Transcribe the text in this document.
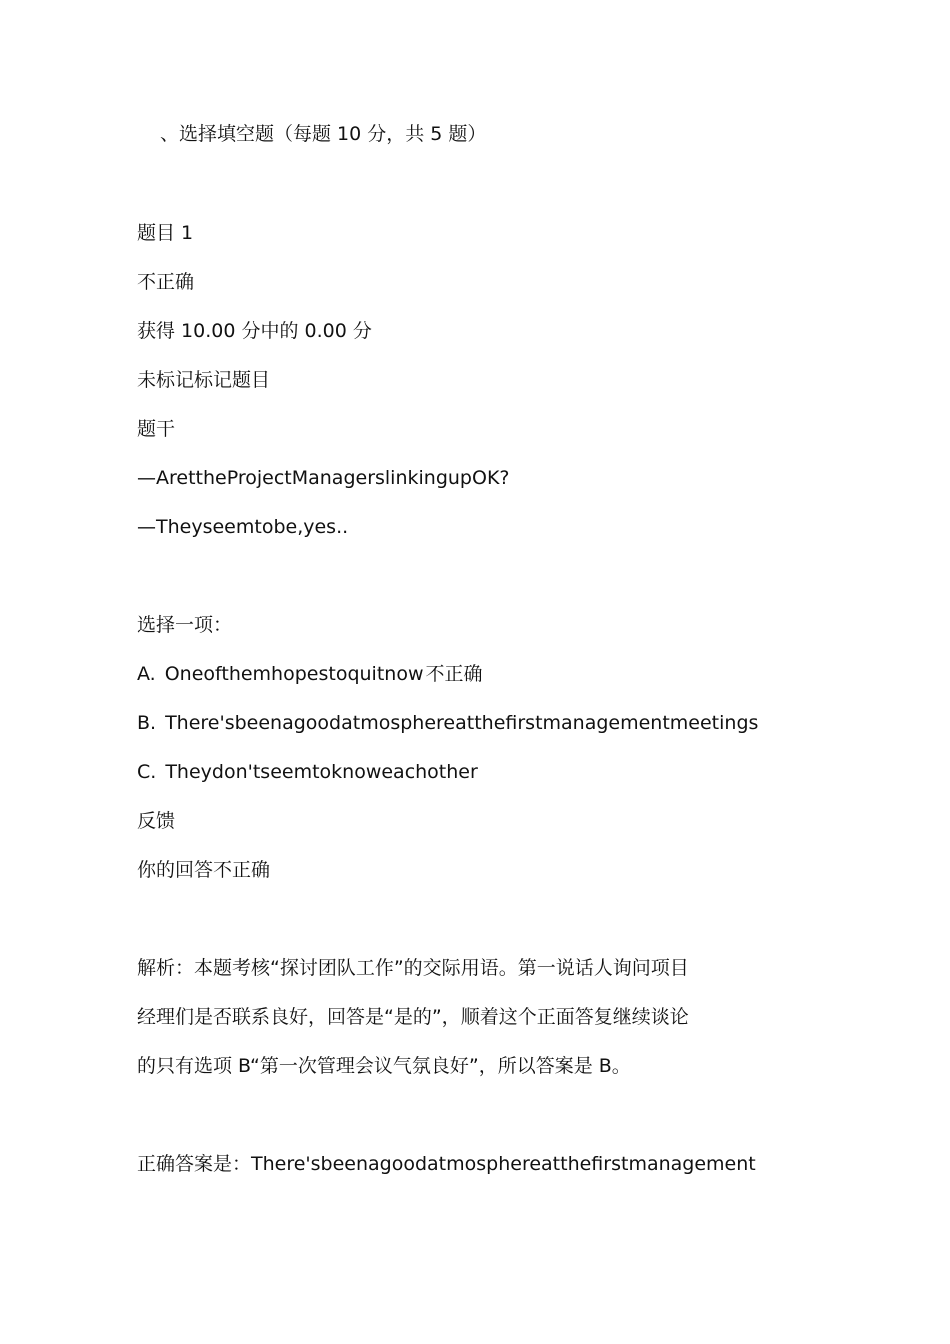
、选择填空题（每题 10 分，共 5 题）
题目 1
不正确
获得 10.00 分中的 0.00 分
未标记标记题目
题干
—ArettheProjectManagerslinkingupOK?
—Theyseemtobe,yes..
选择一项：
A. Oneofthemhopestoquitnow 不正确
B. There'sbeenagoodatmosphereatthefirstmanagementmeetings
C. Theydon'tseemtoknoweachother
反馈
你的回答不正确
解析：本题考核“探讨团队工作”的交际用语。第一说话人询问项目
经理们是否联系良好，回答是“是的”，顺着这个正面答复继续谈论
的只有选项 B“第一次管理会议气氛良好”，所以答案是 B。
正确答案是：There'sbeenagoodatmosphereatthefirstmanagement
